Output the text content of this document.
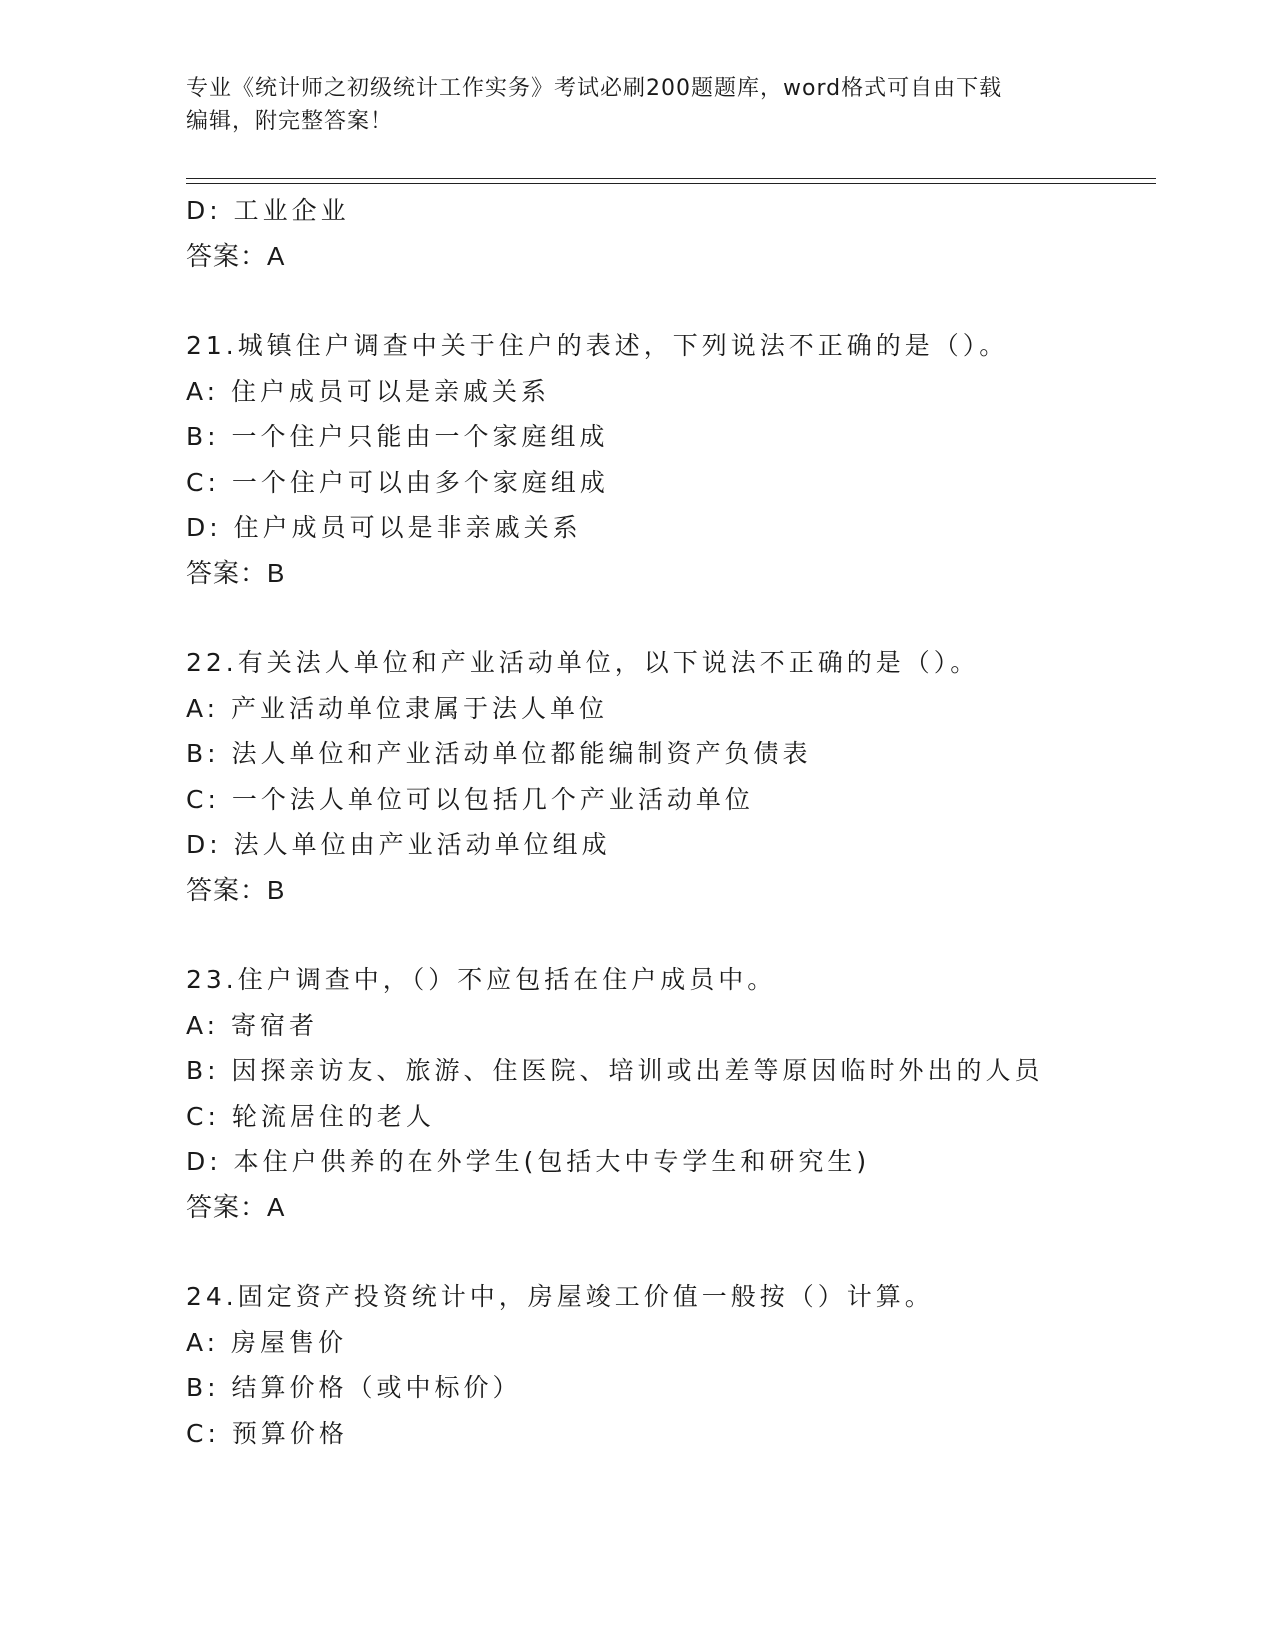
专业《统计师之初级统计工作实务》考试必刷200题题库，word格式可自由下载
编辑，附完整答案！
D: 工业企业
答案：A
21.城镇住户调查中关于住户的表述，下列说法不正确的是（）。
A: 住户成员可以是亲戚关系
B: 一个住户只能由一个家庭组成
C: 一个住户可以由多个家庭组成
D: 住户成员可以是非亲戚关系
答案：B
22.有关法人单位和产业活动单位，以下说法不正确的是（）。
A: 产业活动单位隶属于法人单位
B: 法人单位和产业活动单位都能编制资产负债表
C: 一个法人单位可以包括几个产业活动单位
D: 法人单位由产业活动单位组成
答案：B
23.住户调查中，（）不应包括在住户成员中。
A: 寄宿者
B: 因探亲访友、旅游、住医院、培训或出差等原因临时外出的人员
C: 轮流居住的老人
D: 本住户供养的在外学生(包括大中专学生和研究生)
答案：A
24.固定资产投资统计中，房屋竣工价值一般按（）计算。
A: 房屋售价
B: 结算价格（或中标价）
C: 预算价格
